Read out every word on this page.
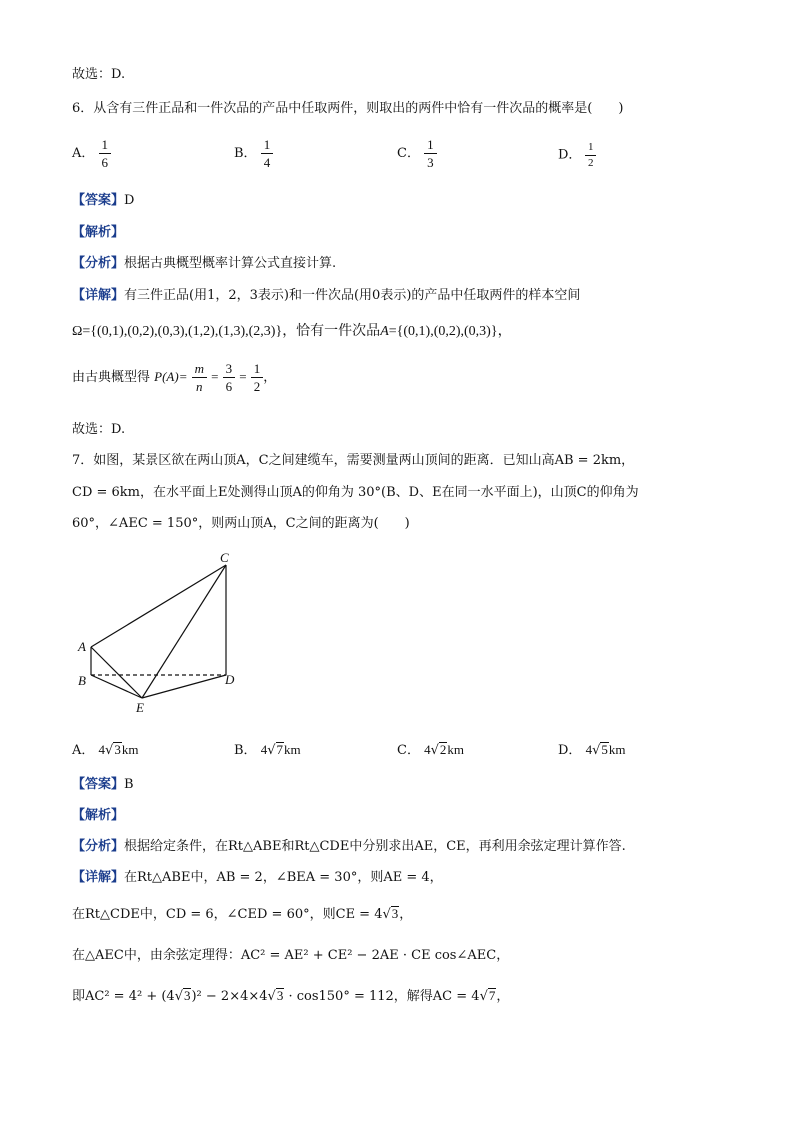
故选：D.
6．从含有三件正品和一件次品的产品中任取两件，则取出的两件中恰有一件次品的概率是(　　)
A． $\frac{1}{6}$	B． $\frac{1}{4}$	C． $\frac{1}{3}$	D． $\frac{1}{2}$
【答案】D
【解析】
【分析】根据古典概型概率计算公式直接计算.
【详解】有三件正品(用1，2，3表示)和一件次品(用0表示)的产品中任取两件的样本空间
Ω={(0,1),(0,2),(0,3),(1,2),(1,3),(2,3)}，恰有一件次品A={(0,1),(0,2),(0,3)}，
由古典概型得 $P(A)= \frac{m}{n} = \frac{3}{6} = \frac{1}{2}$ ，
故选：D.
7．如图，某景区欲在两山顶A，C之间建缆车，需要测量两山顶间的距离．已知山高AB = 2km，
CD = 6km，在水平面上E处测得山顶A的仰角为 30°(B、D、E在同一水平面上)，山顶C的仰角为
60°，∠AEC = 150°，则两山顶A，C之间的距离为(　　)
C
A
B	D
E
A． 4√3km	B． 4√7km	C． 4√2km	D． 4√5km
【答案】B
【解析】
【分析】根据给定条件，在Rt△ABE和Rt△CDE中分别求出AE，CE，再利用余弦定理计算作答.
【详解】在Rt△ABE中，AB = 2，∠BEA = 30°，则AE = 4，
在Rt△CDE中，CD = 6，∠CED = 60°，则CE = 4√3，
在△AEC中，由余弦定理得：AC² = AE² + CE² − 2AE · CE cos∠AEC，
即AC² = 4² + (4√3)² − 2×4×4√3 · cos150° = 112，解得AC = 4√7，
